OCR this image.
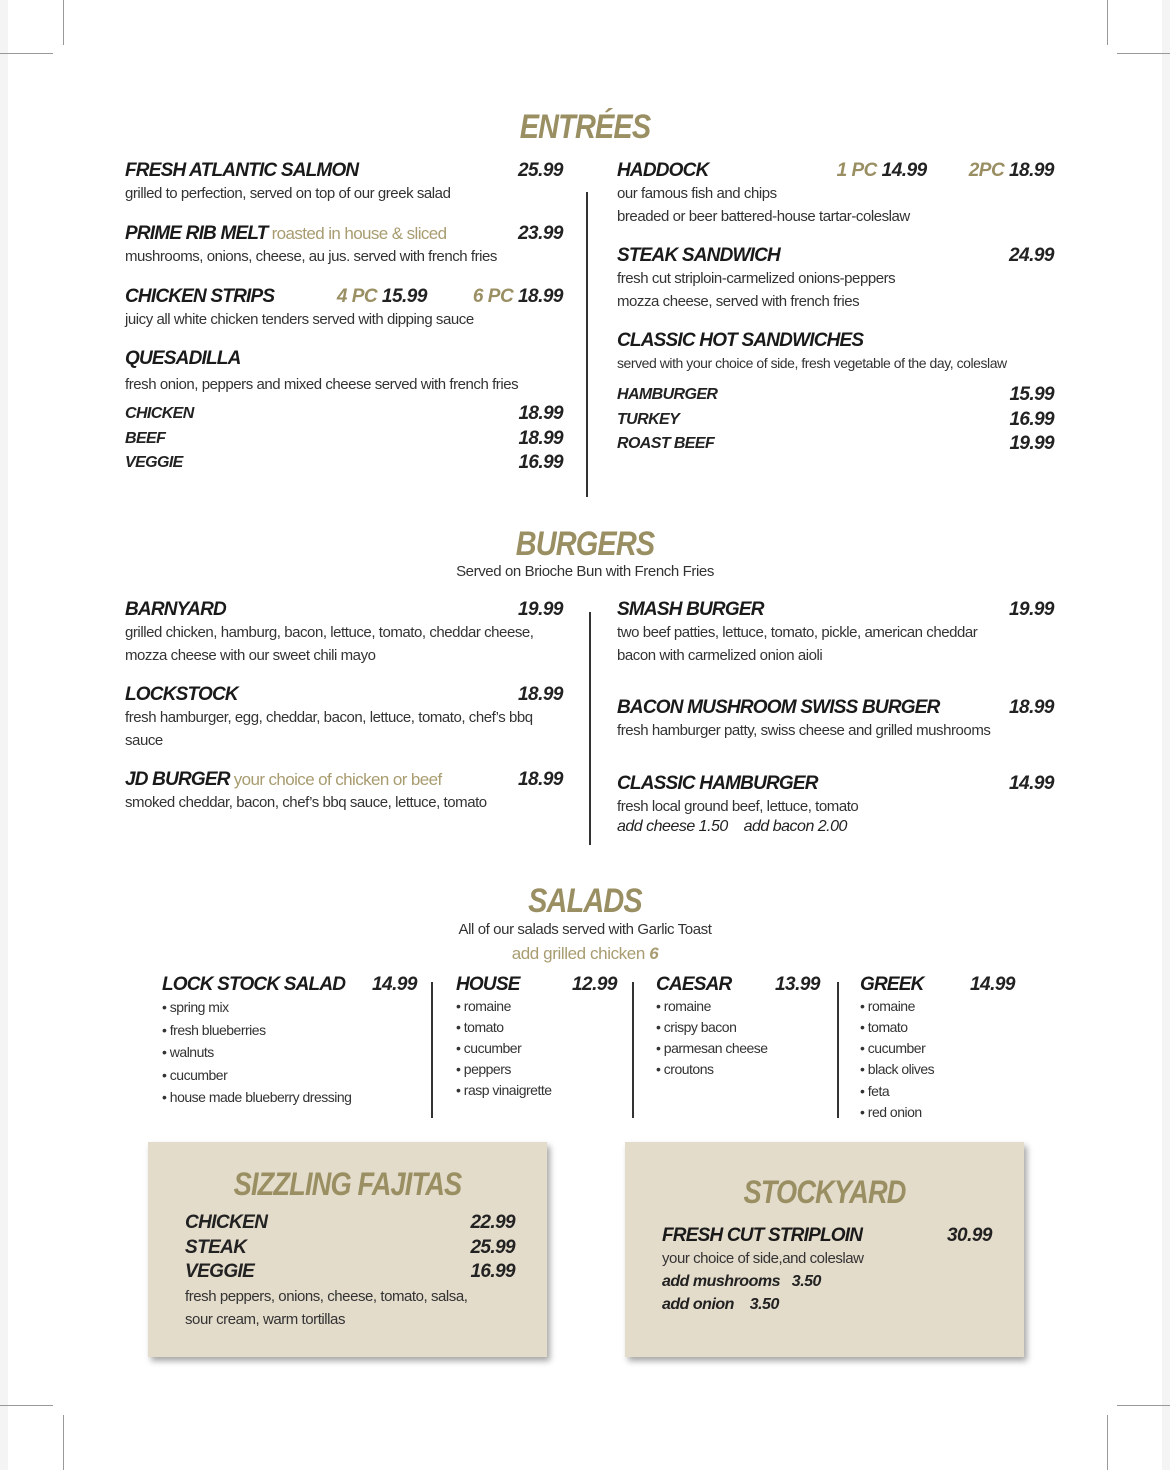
ENTRÉES
FRESH ATLANTIC SALMON	25.99
grilled to perfection, served on top of our greek salad
PRIME RIB MELT roasted in house & sliced	23.99
mushrooms, onions, cheese, au jus. served with french fries
CHICKEN STRIPS	4 PC 15.99 6 PC 18.99
juicy all white chicken tenders served with dipping sauce
QUESADILLA
fresh onion, peppers and mixed cheese served with french fries
CHICKEN	18.99
BEEF	18.99
VEGGIE	16.99
HADDOCK	1 PC 14.99 2PC 18.99
our famous fish and chips
breaded or beer battered-house tartar-coleslaw
STEAK SANDWICH	24.99
fresh cut striploin-carmelized onions-peppers
mozza cheese, served with french fries
CLASSIC HOT SANDWICHES
served with your choice of side, fresh vegetable of the day, coleslaw
HAMBURGER	15.99
TURKEY	16.99
ROAST BEEF	19.99
BURGERS
Served on Brioche Bun with French Fries
BARNYARD	19.99
grilled chicken, hamburg, bacon, lettuce, tomato, cheddar cheese,
mozza cheese with our sweet chili mayo
LOCKSTOCK	18.99
fresh hamburger, egg, cheddar, bacon, lettuce, tomato, chef’s bbq
sauce
JD BURGER your choice of chicken or beef	18.99
smoked cheddar, bacon, chef’s bbq sauce, lettuce, tomato
SMASH BURGER	19.99
two beef patties, lettuce, tomato, pickle, american cheddar
bacon with carmelized onion aioli
BACON MUSHROOM SWISS BURGER	18.99
fresh hamburger patty, swiss cheese and grilled mushrooms
CLASSIC HAMBURGER	14.99
fresh local ground beef, lettuce, tomato
add cheese 1.50    add bacon 2.00
SALADS
All of our salads served with Garlic Toast
add grilled chicken 6
LOCK STOCK SALAD 14.99
• spring mix
• fresh blueberries
• walnuts
• cucumber
• house made blueberry dressing
HOUSE	12.99
• romaine
• tomato
• cucumber
• peppers
• rasp vinaigrette
CAESAR 13.99
• romaine
• crispy bacon
• parmesan cheese
• croutons
GREEK 14.99
• romaine
• tomato
• cucumber
• black olives
• feta
• red onion
SIZZLING FAJITAS
CHICKEN	22.99
STEAK	25.99
VEGGIE	16.99
fresh peppers, onions, cheese, tomato, salsa,
sour cream, warm tortillas
STOCKYARD
FRESH CUT STRIPLOIN	30.99
your choice of side,and coleslaw
add mushrooms   3.50
add onion    3.50
